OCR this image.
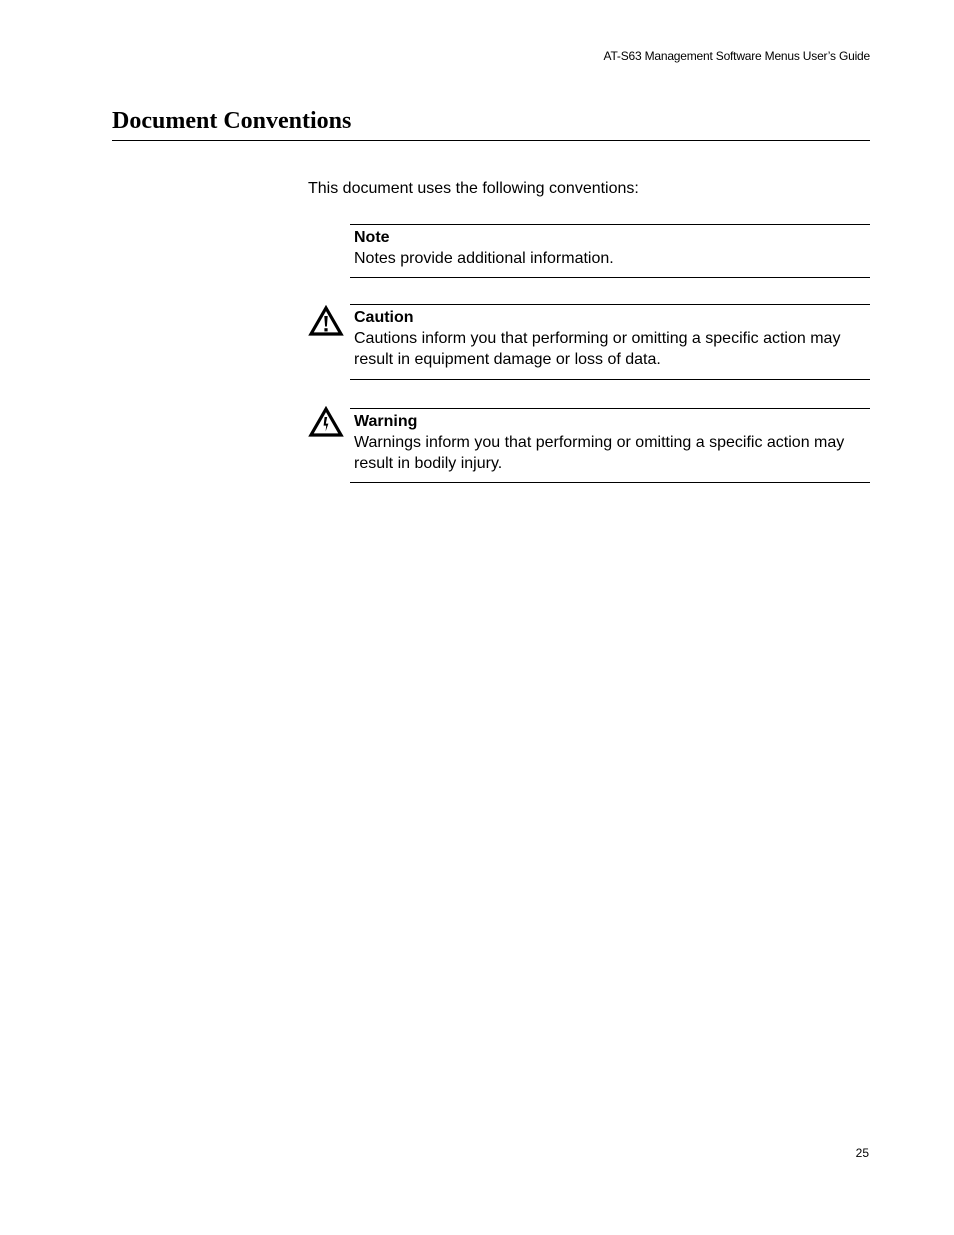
AT-S63 Management Software Menus User’s Guide
Document Conventions
This document uses the following conventions:
Note
Notes provide additional information.
Caution
Cautions inform you that performing or omitting a specific action may result in equipment damage or loss of data.
Warning
Warnings inform you that performing or omitting a specific action may result in bodily injury.
25
